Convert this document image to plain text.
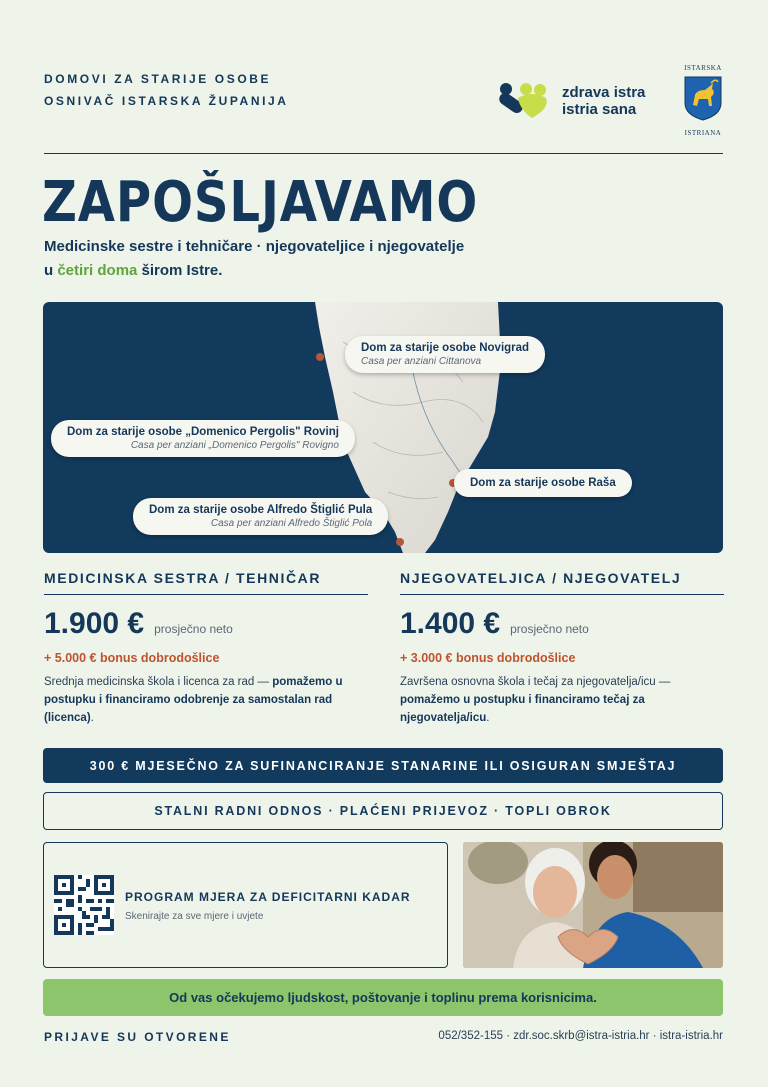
DOMOVI ZA STARIJE OSOBE
OSNIVAČ ISTARSKA ŽUPANIJA	zdrava istra
istria sana
ISTARSKA
ISTRIANA
ZAPOŠLJAVAMO
Medicinske sestre i tehničare · njegovateljice i njegovatelje
u četiri doma širom Istre.
Dom za starije osobe Novigrad
Casa per anziani Cittanova
Dom za starije osobe „Domenico Pergolis" Rovinj
Casa per anziani „Domenico Pergolis" Rovigno
Dom za starije osobe Raša
Dom za starije osobe Alfredo Štiglić Pula
Casa per anziani Alfredo Štiglić Pola
MEDICINSKA SESTRA / TEHNIČAR
1.900 € prosječno neto
+ 5.000 € bonus dobrodošlice
Srednja medicinska škola i licenca za rad — pomažemo u postupku i financiramo odobrenje za samostalan rad (licenca).
NJEGOVATELJICA / NJEGOVATELJ
1.400 € prosječno neto
+ 3.000 € bonus dobrodošlice
Završena osnovna škola i tečaj za njegovatelja/icu — pomažemo u postupku i financiramo tečaj za njegovatelja/icu.
300 € MJESEČNO ZA SUFINANCIRANJE STANARINE ILI OSIGURAN SMJEŠTAJ
STALNI RADNI ODNOS · PLAĆENI PRIJEVOZ · TOPLI OBROK
PROGRAM MJERA ZA DEFICITARNI KADAR
Skenirajte za sve mjere i uvjete
Od vas očekujemo ljudskost, poštovanje i toplinu prema korisnicima.
PRIJAVE SU OTVORENE	052/352-155 · zdr.soc.skrb@istra-istria.hr · istra-istria.hr
